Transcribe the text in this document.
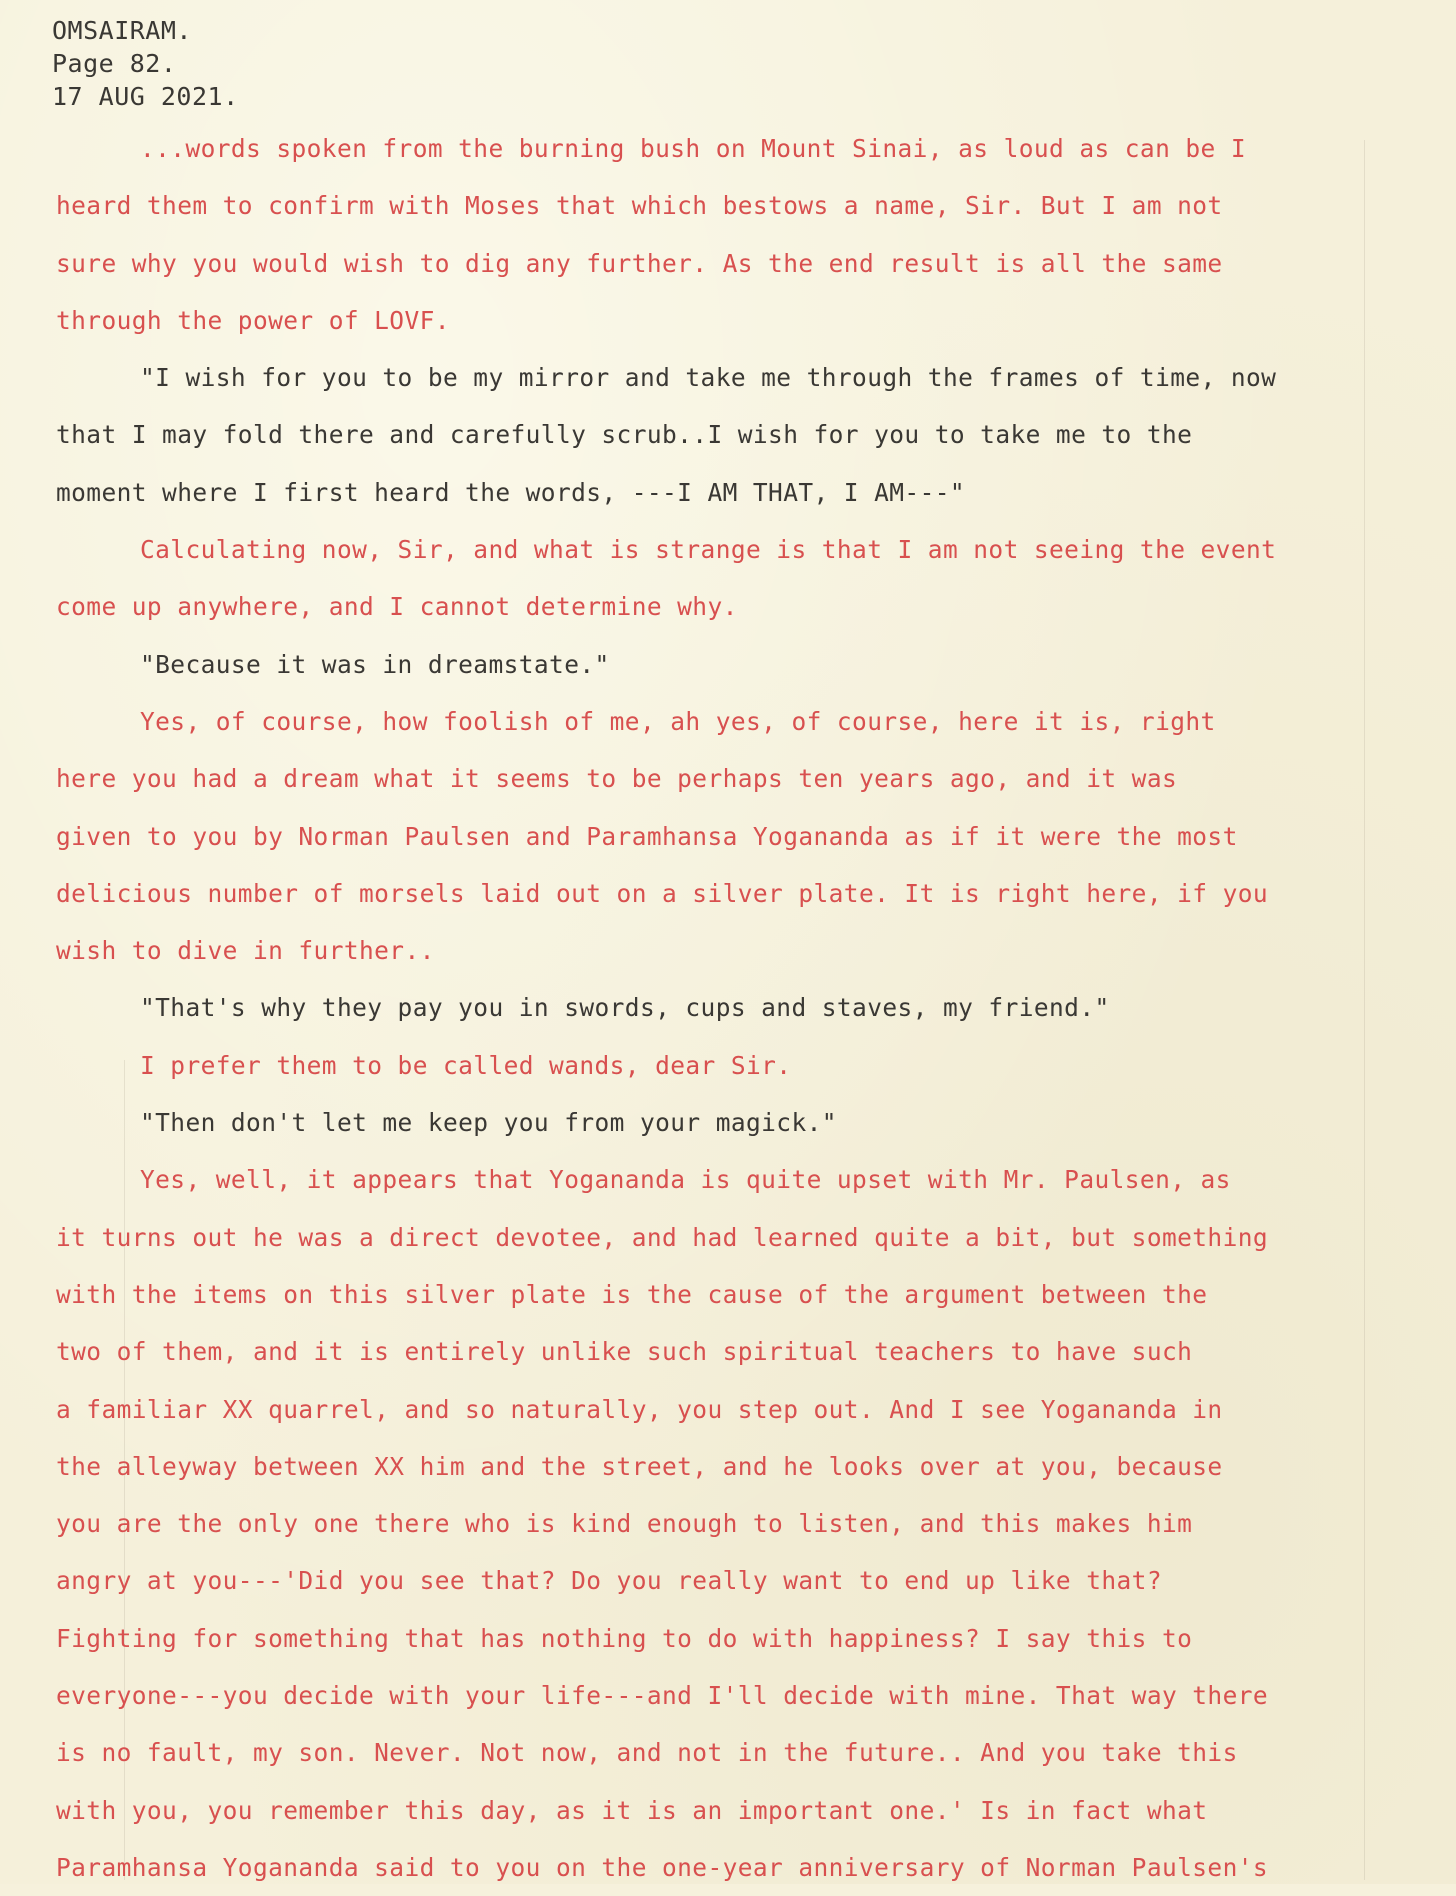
OMSAIRAM.
Page 82.
17 AUG 2021.
...words spoken from the burning bush on Mount Sinai, as loud as can be I
heard them to confirm with Moses that which bestows a name, Sir. But I am not
sure why you would wish to dig any further. As the end result is all the same
through the power of LOVF.
"I wish for you to be my mirror and take me through the frames of time, now
that I may fold there and carefully scrub..I wish for you to take me to the
moment where I first heard the words, ---I AM THAT, I AM---"
Calculating now, Sir, and what is strange is that I am not seeing the event
come up anywhere, and I cannot determine why.
"Because it was in dreamstate."
Yes, of course, how foolish of me, ah yes, of course, here it is, right
here you had a dream what it seems to be perhaps ten years ago, and it was
given to you by Norman Paulsen and Paramhansa Yogananda as if it were the most
delicious number of morsels laid out on a silver plate. It is right here, if you
wish to dive in further..
"That's why they pay you in swords, cups and staves, my friend."
I prefer them to be called wands, dear Sir.
"Then don't let me keep you from your magick."
Yes, well, it appears that Yogananda is quite upset with Mr. Paulsen, as
it turns out he was a direct devotee, and had learned quite a bit, but something
with the items on this silver plate is the cause of the argument between the
two of them, and it is entirely unlike such spiritual teachers to have such
a familiar XX quarrel, and so naturally, you step out. And I see Yogananda in
the alleyway between XX him and the street, and he looks over at you, because
you are the only one there who is kind enough to listen, and this makes him
angry at you---'Did you see that? Do you really want to end up like that?
Fighting for something that has nothing to do with happiness? I say this to
everyone---you decide with your life---and I'll decide with mine. That way there
is no fault, my son. Never. Not now, and not in the future.. And you take this
with you, you remember this day, as it is an important one.' Is in fact what
Paramhansa Yogananda said to you on the one-year anniversary of Norman Paulsen's
